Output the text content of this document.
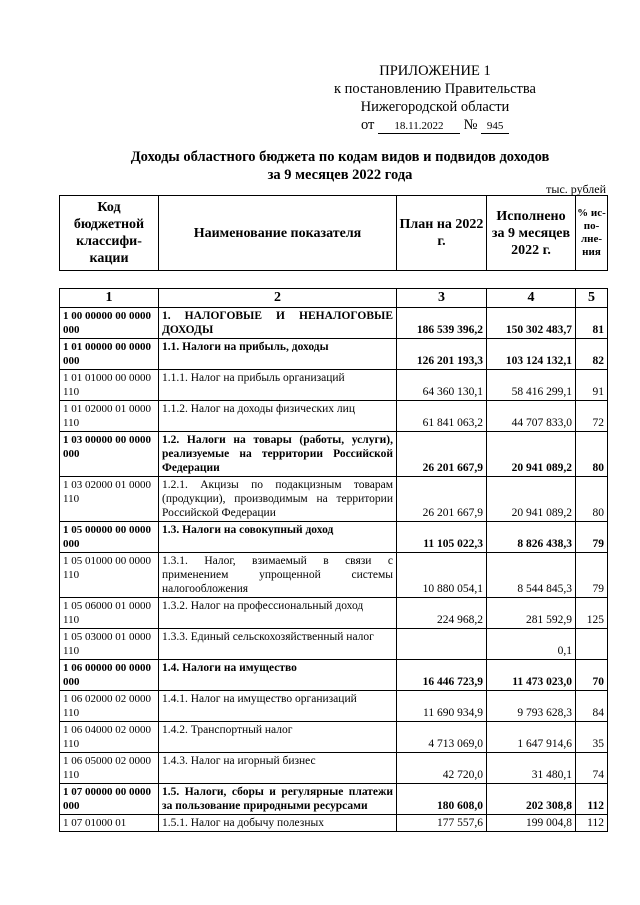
ПРИЛОЖЕНИЕ 1
к постановлению Правительства
Нижегородской области
от 18.11.2022 № 945
Доходы областного бюджета по кодам видов и подвидов доходов
за 9 месяцев 2022 года
тыс. рублей
Код бюджетной классифи-кации	Наименование показателя	План на 2022 г.	Исполнено за 9 месяцев 2022 г.	% ис-по-лне-ния
1	2	3	4	5
1 00 00000 00 0000 000	1. НАЛОГОВЫЕ И НЕНАЛОГОВЫЕ ДОХОДЫ	186 539 396,2	150 302 483,7	81
1 01 00000 00 0000 000	1.1. Налоги на прибыль, доходы	126 201 193,3	103 124 132,1	82
1 01 01000 00 0000 110	1.1.1. Налог на прибыль организаций	64 360 130,1	58 416 299,1	91
1 01 02000 01 0000 110	1.1.2. Налог на доходы физических лиц	61 841 063,2	44 707 833,0	72
1 03 00000 00 0000 000	1.2. Налоги на товары (работы, услуги), реализуемые на территории Российской Федерации	26 201 667,9	20 941 089,2	80
1 03 02000 01 0000 110	1.2.1. Акцизы по подакцизным товарам (продукции), производимым на территории Российской Федерации	26 201 667,9	20 941 089,2	80
1 05 00000 00 0000 000	1.3. Налоги на совокупный доход	11 105 022,3	8 826 438,3	79
1 05 01000 00 0000 110	1.3.1. Налог, взимаемый в связи с применением упрощенной системы налогообложения	10 880 054,1	8 544 845,3	79
1 05 06000 01 0000 110	1.3.2. Налог на профессиональный доход	224 968,2	281 592,9	125
1 05 03000 01 0000 110	1.3.3. Единый сельскохозяйственный налог		0,1	
1 06 00000 00 0000 000	1.4. Налоги на имущество	16 446 723,9	11 473 023,0	70
1 06 02000 02 0000 110	1.4.1. Налог на имущество организаций	11 690 934,9	9 793 628,3	84
1 06 04000 02 0000 110	1.4.2. Транспортный налог	4 713 069,0	1 647 914,6	35
1 06 05000 02 0000 110	1.4.3. Налог на игорный бизнес	42 720,0	31 480,1	74
1 07 00000 00 0000 000	1.5. Налоги, сборы и регулярные платежи за пользование природными ресурсами	180 608,0	202 308,8	112
1 07 01000 01	1.5.1. Налог на добычу полезных	177 557,6	199 004,8	112
